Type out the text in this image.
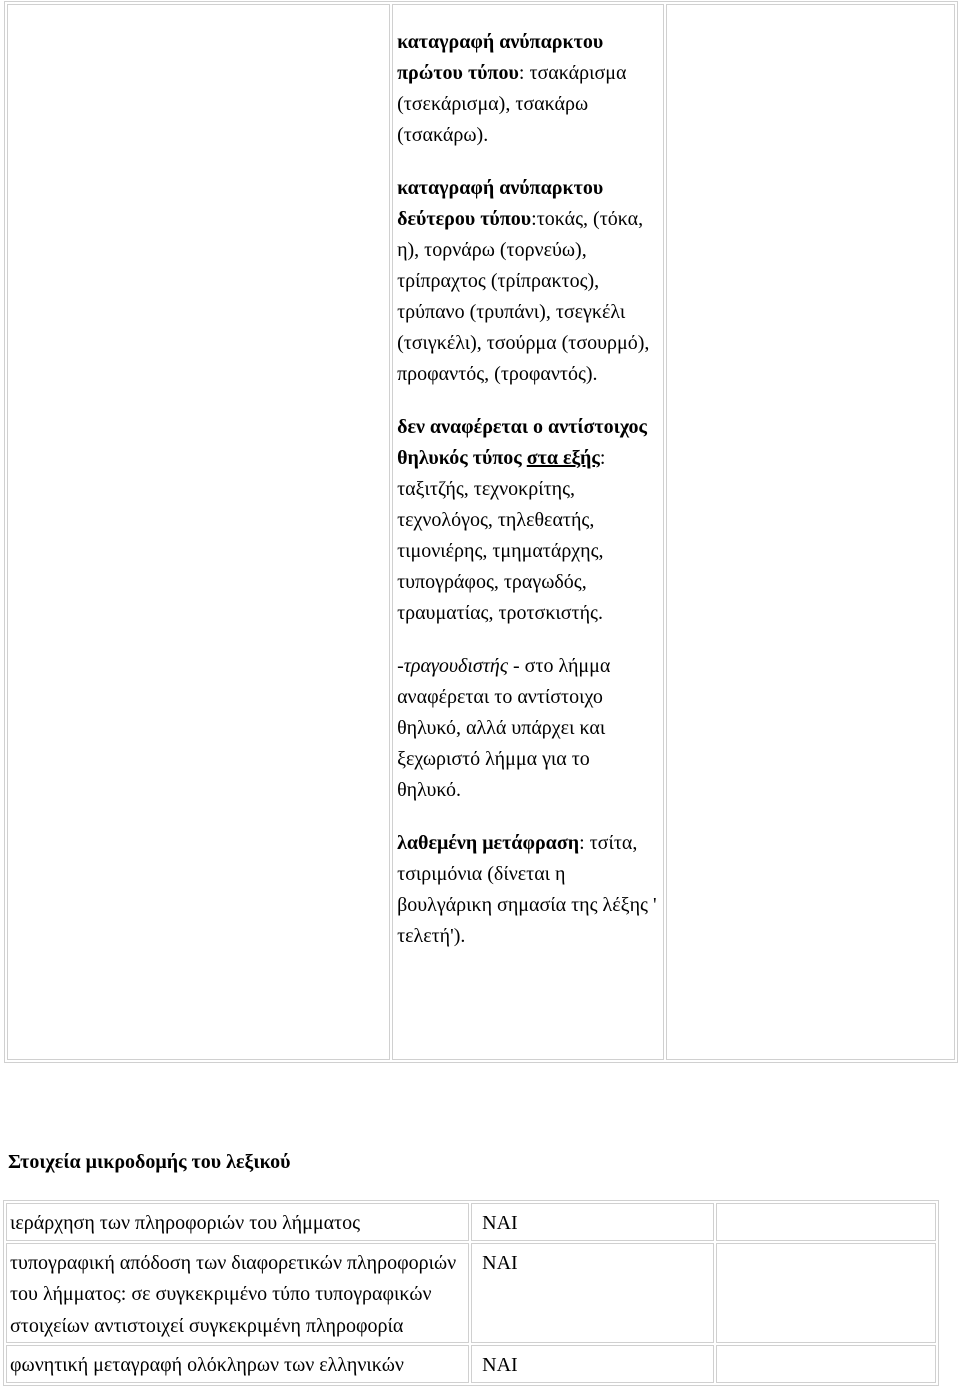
καταγραφή ανύπαρκτου πρώτου τύπου: τσακάρισμα (τσεκάρισμα), τσακάρω (τσακάρω).
καταγραφή ανύπαρκτου δεύτερου τύπου:τοκάς, (τόκα, η), τορνάρω (τορνεύω), τρίπραχτος (τρίπρακτος), τρύπανο (τρυπάνι), τσεγκέλι (τσιγκέλι), τσούρμα (τσουρμό), προφαντός, (τροφαντός).
δεν αναφέρεται ο αντίστοιχος θηλυκός τύπος στα εξής: ταξιτζής, τεχνοκρίτης, τεχνολόγος, τηλεθεατής, τιμονιέρης, τμηματάρχης, τυπογράφος, τραγωδός, τραυματίας, τροτσκιστής.
-τραγουδιστής - στο λήμμα αναφέρεται το αντίστοιχο θηλυκό, αλλά υπάρχει και ξεχωριστό λήμμα για το θηλυκό.
λαθεμένη μετάφραση: τσίτα, τσιριμόνια (δίνεται η βουλγάρικη σημασία της λέξης ' τελετή').

Στοιχεία μικροδομής του λεξικού
ιεράρχηση των πληροφοριών του λήμματος	ΝΑΙ	
τυπογραφική απόδοση των διαφορετικών πληροφοριών του λήμματος: σε συγκεκριμένο τύπο τυπογραφικών στοιχείων αντιστοιχεί συγκεκριμένη πληροφορία	ΝΑΙ	
φωνητική μεταγραφή ολόκληρων των ελληνικών	ΝΑΙ	
